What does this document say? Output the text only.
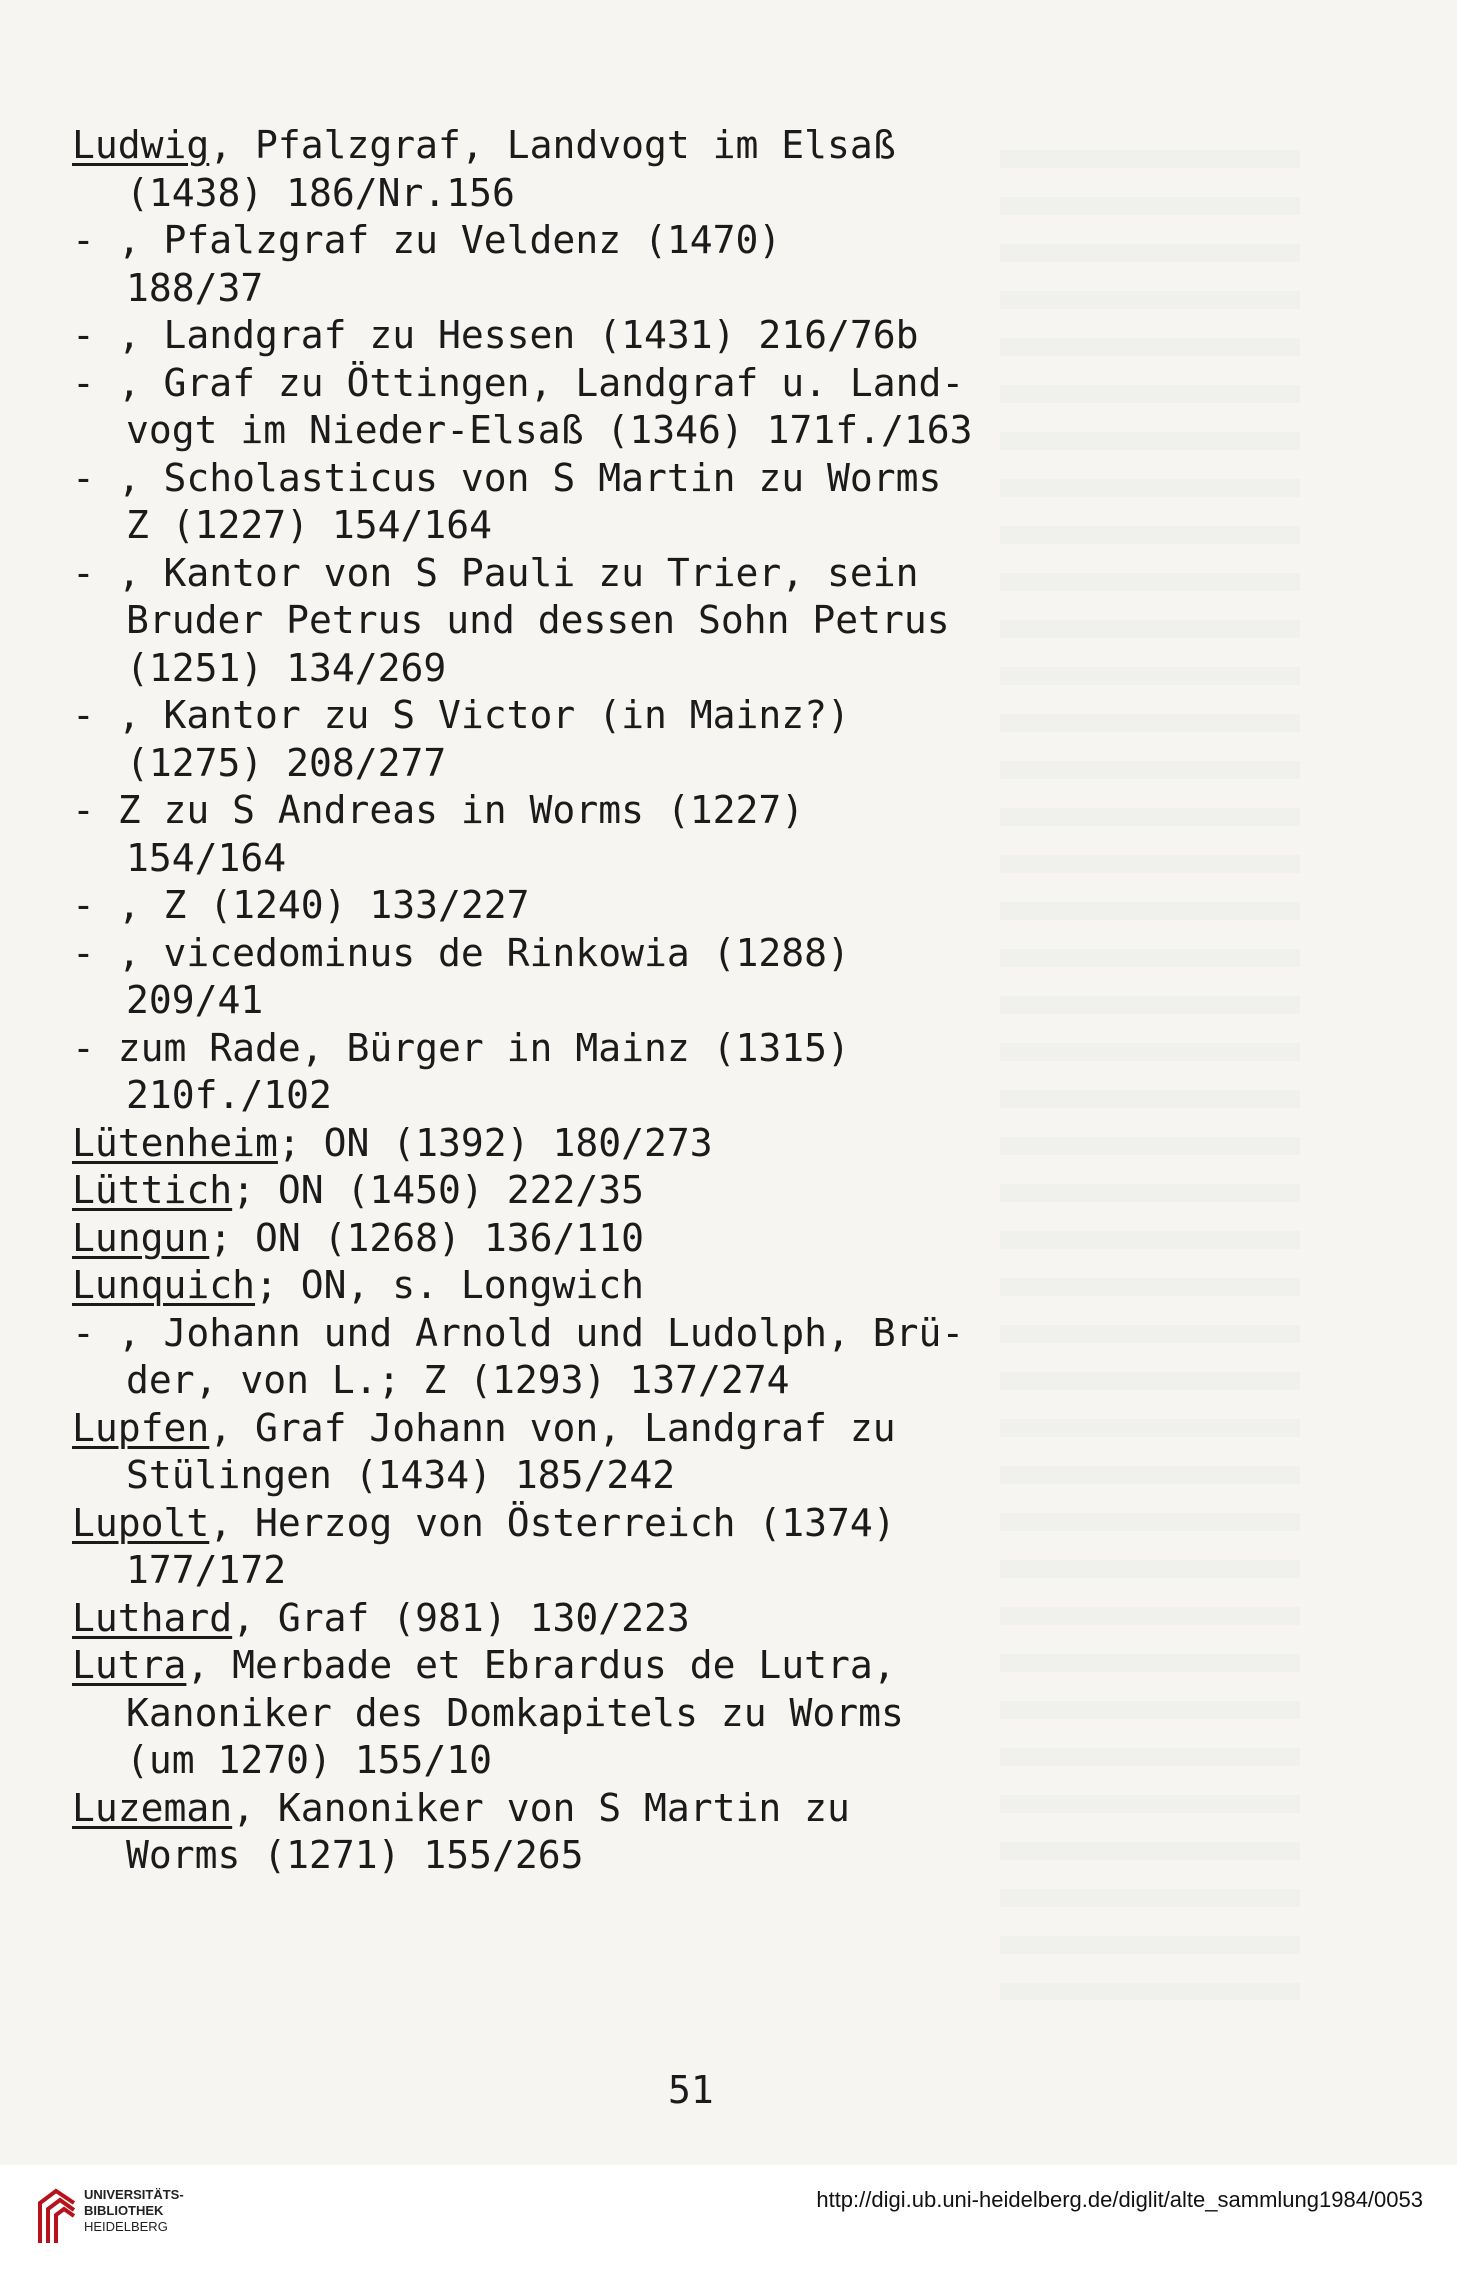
Ludwig, Pfalzgraf, Landvogt im Elsaß
(1438) 186/Nr.156
- , Pfalzgraf zu Veldenz (1470)
188/37
- , Landgraf zu Hessen (1431) 216/76b
- , Graf zu Öttingen, Landgraf u. Land-
vogt im Nieder-Elsaß (1346) 171f./163
- , Scholasticus von S Martin zu Worms
Z (1227) 154/164
- , Kantor von S Pauli zu Trier, sein
Bruder Petrus und dessen Sohn Petrus
(1251) 134/269
- , Kantor zu S Victor (in Mainz?)
(1275) 208/277
- Z zu S Andreas in Worms (1227)
154/164
- , Z (1240) 133/227
- , vicedominus de Rinkowia (1288)
209/41
- zum Rade, Bürger in Mainz (1315)
210f./102
Lütenheim; ON (1392) 180/273
Lüttich; ON (1450) 222/35
Lungun; ON (1268) 136/110
Lunquich; ON, s. Longwich
- , Johann und Arnold und Ludolph, Brü-
der, von L.; Z (1293) 137/274
Lupfen, Graf Johann von, Landgraf zu
Stülingen (1434) 185/242
Lupolt, Herzog von Österreich (1374)
177/172
Luthard, Graf (981) 130/223
Lutra, Merbade et Ebrardus de Lutra,
Kanoniker des Domkapitels zu Worms
(um 1270) 155/10
Luzeman, Kanoniker von S Martin zu
Worms (1271) 155/265
51
UNIVERSITÄTS-
BIBLIOTHEK
HEIDELBERG
http://digi.ub.uni-heidelberg.de/diglit/alte_sammlung1984/0053
